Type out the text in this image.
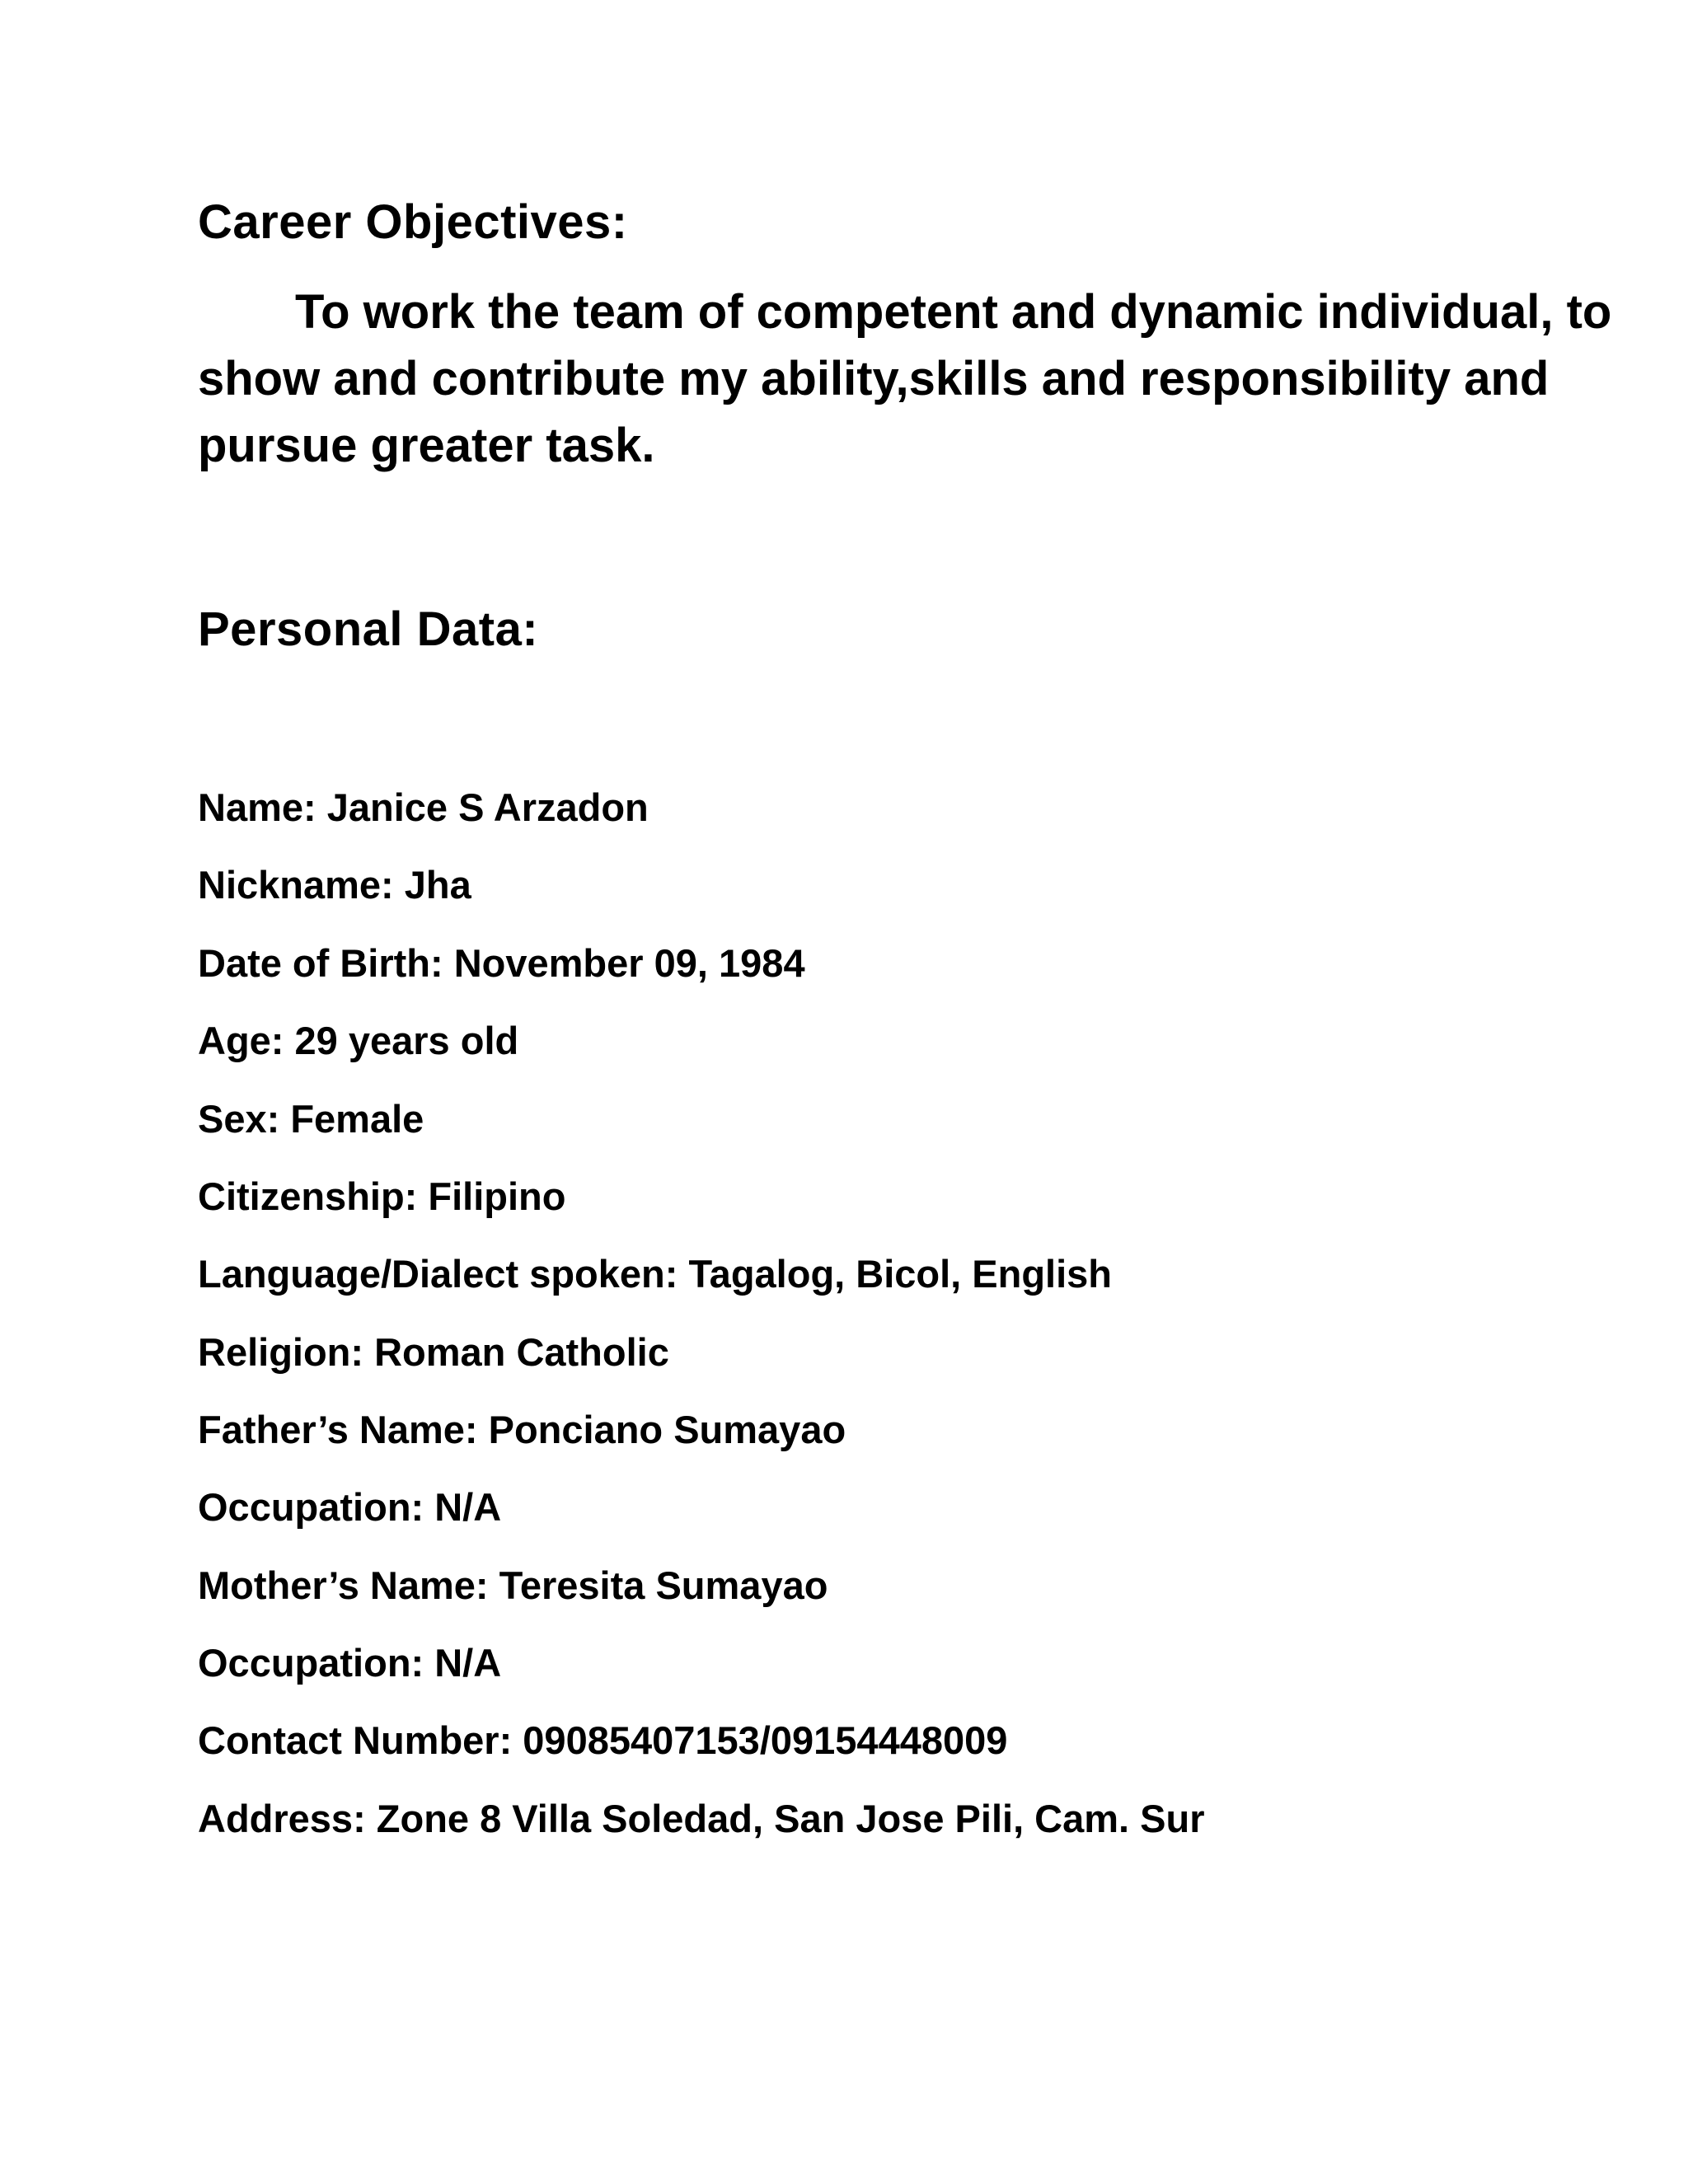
Career Objectives:

To work the team of competent and dynamic individual, to show and contribute my ability,skills and responsibility and pursue greater task.

Personal Data:

Name: Janice S Arzadon

Nickname: Jha

Date of Birth: November 09, 1984

Age: 29 years old

Sex: Female

Citizenship: Filipino

Language/Dialect spoken: Tagalog, Bicol, English

Religion: Roman Catholic

Father’s Name: Ponciano Sumayao

Occupation: N/A

Mother’s Name: Teresita Sumayao

Occupation: N/A

Contact Number: 09085407153/09154448009

Address: Zone 8 Villa Soledad, San Jose Pili, Cam. Sur
